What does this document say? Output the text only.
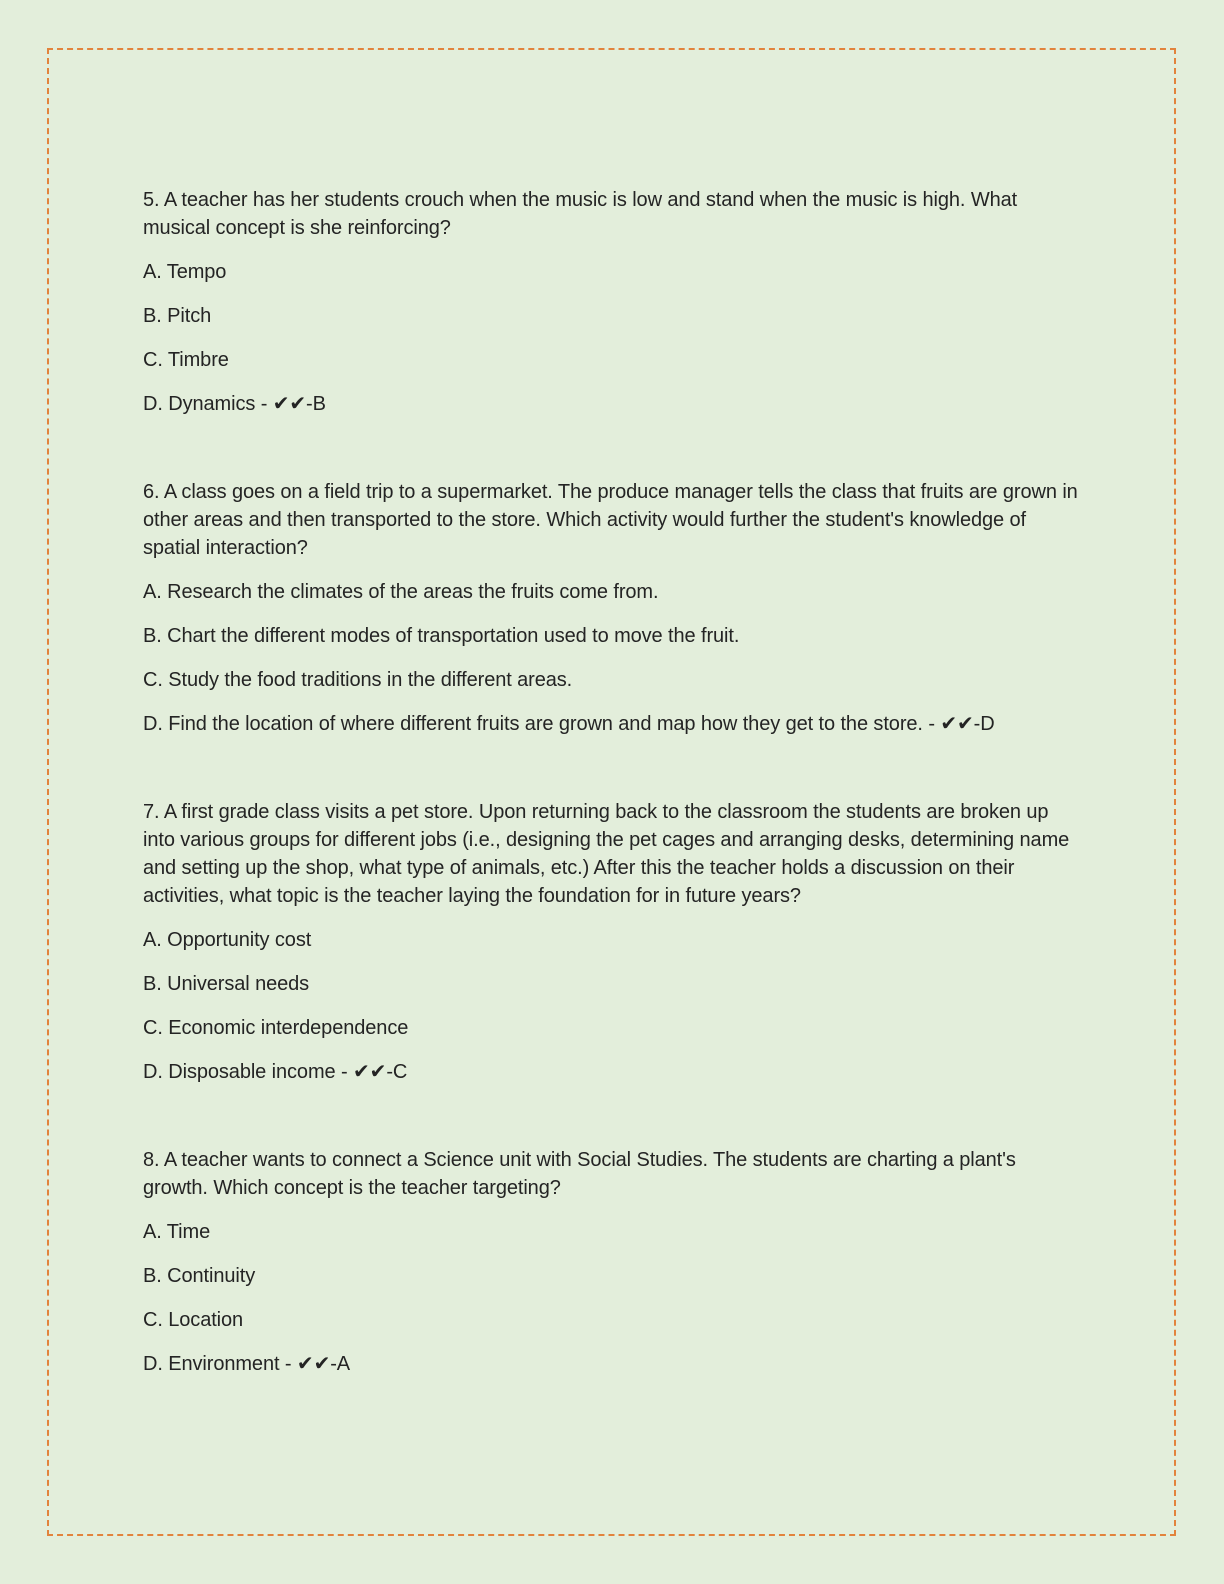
5. A teacher has her students crouch when the music is low and stand when the music is high. What musical concept is she reinforcing?

A. Tempo

B. Pitch

C. Timbre

D. Dynamics - ✔✔-B

6. A class goes on a field trip to a supermarket. The produce manager tells the class that fruits are grown in other areas and then transported to the store. Which activity would further the student's knowledge of spatial interaction?

A. Research the climates of the areas the fruits come from.

B. Chart the different modes of transportation used to move the fruit.

C. Study the food traditions in the different areas.

D. Find the location of where different fruits are grown and map how they get to the store. - ✔✔-D

7. A first grade class visits a pet store. Upon returning back to the classroom the students are broken up into various groups for different jobs (i.e., designing the pet cages and arranging desks, determining name and setting up the shop, what type of animals, etc.) After this the teacher holds a discussion on their activities, what topic is the teacher laying the foundation for in future years?

A. Opportunity cost

B. Universal needs

C. Economic interdependence

D. Disposable income - ✔✔-C

8. A teacher wants to connect a Science unit with Social Studies. The students are charting a plant's growth. Which concept is the teacher targeting?

A. Time

B. Continuity

C. Location

D. Environment - ✔✔-A
